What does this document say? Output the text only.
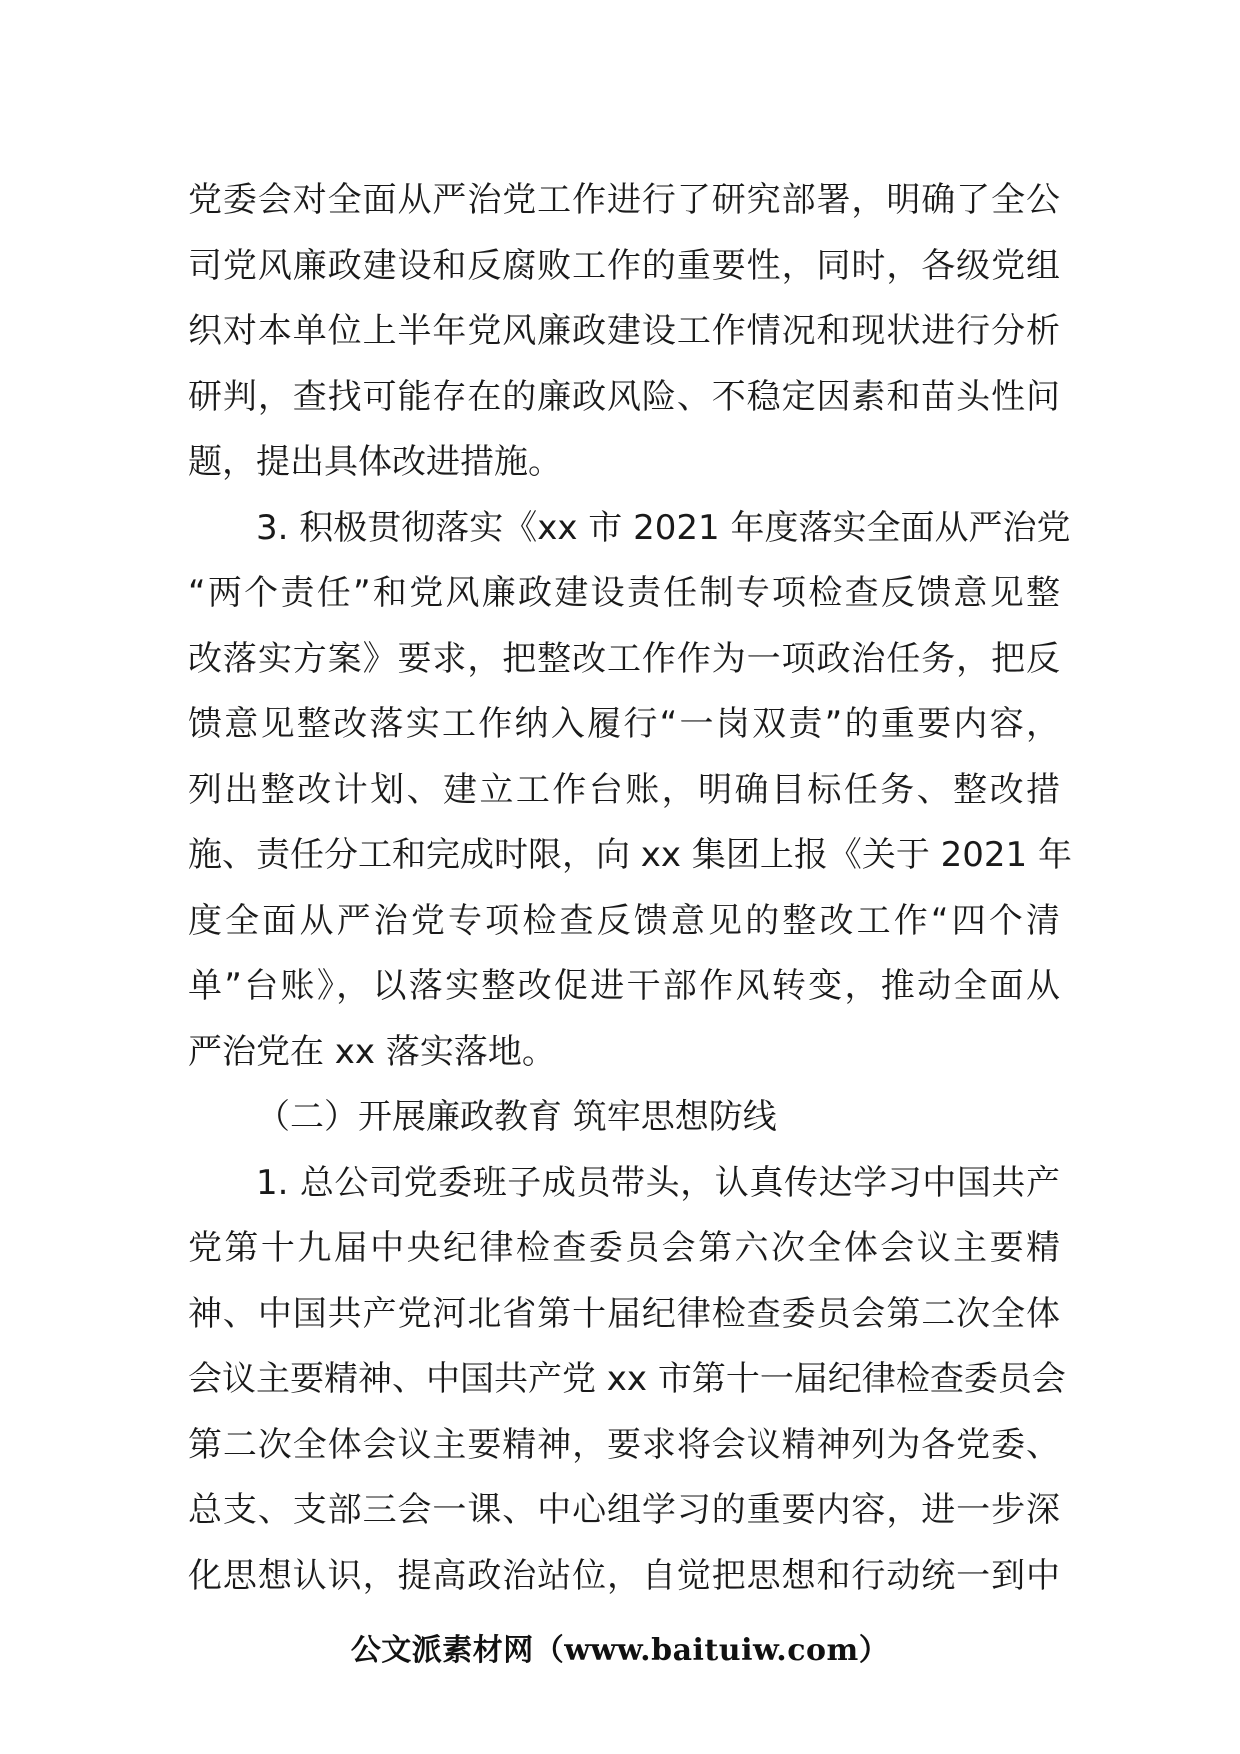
党委会对全面从严治党工作进行了研究部署，明确了全公
司党风廉政建设和反腐败工作的重要性，同时，各级党组
织对本单位上半年党风廉政建设工作情况和现状进行分析
研判，查找可能存在的廉政风险、不稳定因素和苗头性问
题，提出具体改进措施。
3. 积极贯彻落实《xx 市 2021 年度落实全面从严治党
“两个责任”和党风廉政建设责任制专项检查反馈意见整
改落实方案》要求，把整改工作作为一项政治任务，把反
馈意见整改落实工作纳入履行“一岗双责”的重要内容，
列出整改计划、建立工作台账，明确目标任务、整改措
施、责任分工和完成时限，向 xx 集团上报《关于 2021 年
度全面从严治党专项检查反馈意见的整改工作“四个清
单”台账》，以落实整改促进干部作风转变，推动全面从
严治党在 xx 落实落地。
（二）开展廉政教育 筑牢思想防线
1. 总公司党委班子成员带头，认真传达学习中国共产
党第十九届中央纪律检查委员会第六次全体会议主要精
神、中国共产党河北省第十届纪律检查委员会第二次全体
会议主要精神、中国共产党 xx 市第十一届纪律检查委员会
第二次全体会议主要精神，要求将会议精神列为各党委、
总支、支部三会一课、中心组学习的重要内容，进一步深
化思想认识，提高政治站位，自觉把思想和行动统一到中
公文派素材网（www.baituiw.com）
